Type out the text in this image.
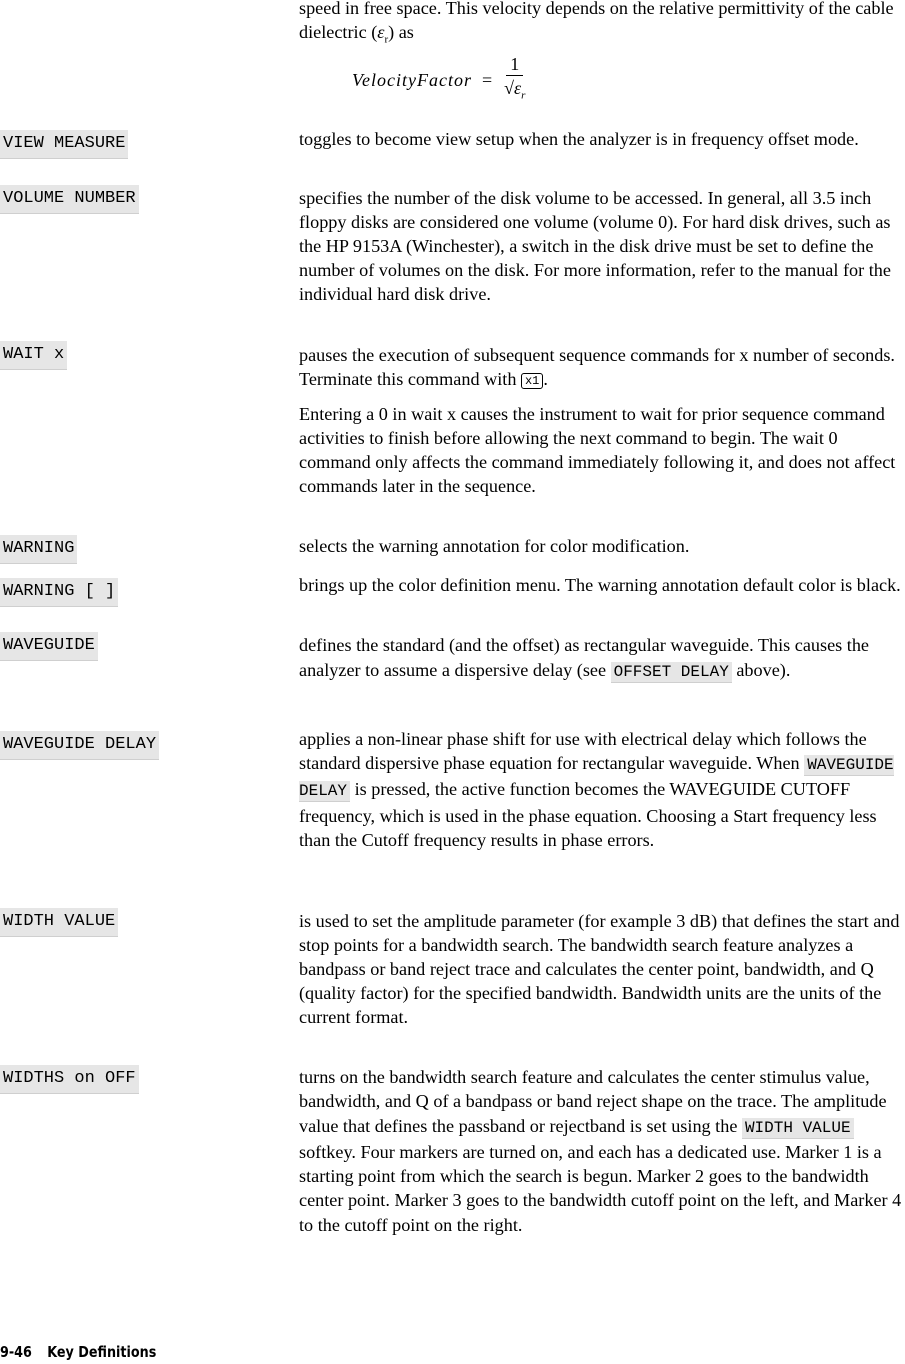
speed in free space. This velocity depends on the relative permittivity of the cable dielectric $(\varepsilon_r)$ as

VelocityFactor = $\frac{1}{√\varepsilon_r}$
VIEW MEASURE	toggles to become view setup when the analyzer is in frequency offset mode.

VOLUME NUMBER	specifies the number of the disk volume to be accessed. In general, all 3.5 inch floppy disks are considered one volume (volume 0). For hard disk drives, such as the HP 9153A (Winchester), a switch in the disk drive must be set to define the number of volumes on the disk. For more information, refer to the manual for the individual hard disk drive.

WAIT x	pauses the execution of subsequent sequence commands for x number of seconds. Terminate this command with x1 .

Entering a 0 in wait x causes the instrument to wait for prior sequence command activities to finish before allowing the next command to begin. The wait 0 command only affects the command immediately following it, and does not affect commands later in the sequence.

WARNING	selects the warning annotation for color modification.

WARNING [ ]	brings up the color definition menu. The warning annotation default color is black.

WAVEGUIDE	defines the standard (and the offset) as rectangular waveguide. This causes the analyzer to assume a dispersive delay (see OFFSET DELAY above).

WAVEGUIDE DELAY	applies a non-linear phase shift for use with electrical delay which follows the standard dispersive phase equation for rectangular waveguide. When WAVEGUIDE DELAY is pressed, the active function becomes the WAVEGUIDE CUTOFF frequency, which is used in the phase equation. Choosing a Start frequency less than the Cutoff frequency results in phase errors.

WIDTH VALUE	is used to set the amplitude parameter (for example 3 dB) that defines the start and stop points for a bandwidth search. The bandwidth search feature analyzes a bandpass or band reject trace and calculates the center point, bandwidth, and Q (quality factor) for the specified bandwidth. Bandwidth units are the units of the current format.

WIDTHS on OFF	turns on the bandwidth search feature and calculates the center stimulus value, bandwidth, and Q of a bandpass or band reject shape on the trace. The amplitude value that defines the passband or rejectband is set using the WIDTH VALUE softkey. Four markers are turned on, and each has a dedicated use. Marker 1 is a starting point from which the search is begun. Marker 2 goes to the bandwidth center point. Marker 3 goes to the bandwidth cutoff point on the left, and Marker 4 to the cutoff point on the right.

9-46 Key Definitions
